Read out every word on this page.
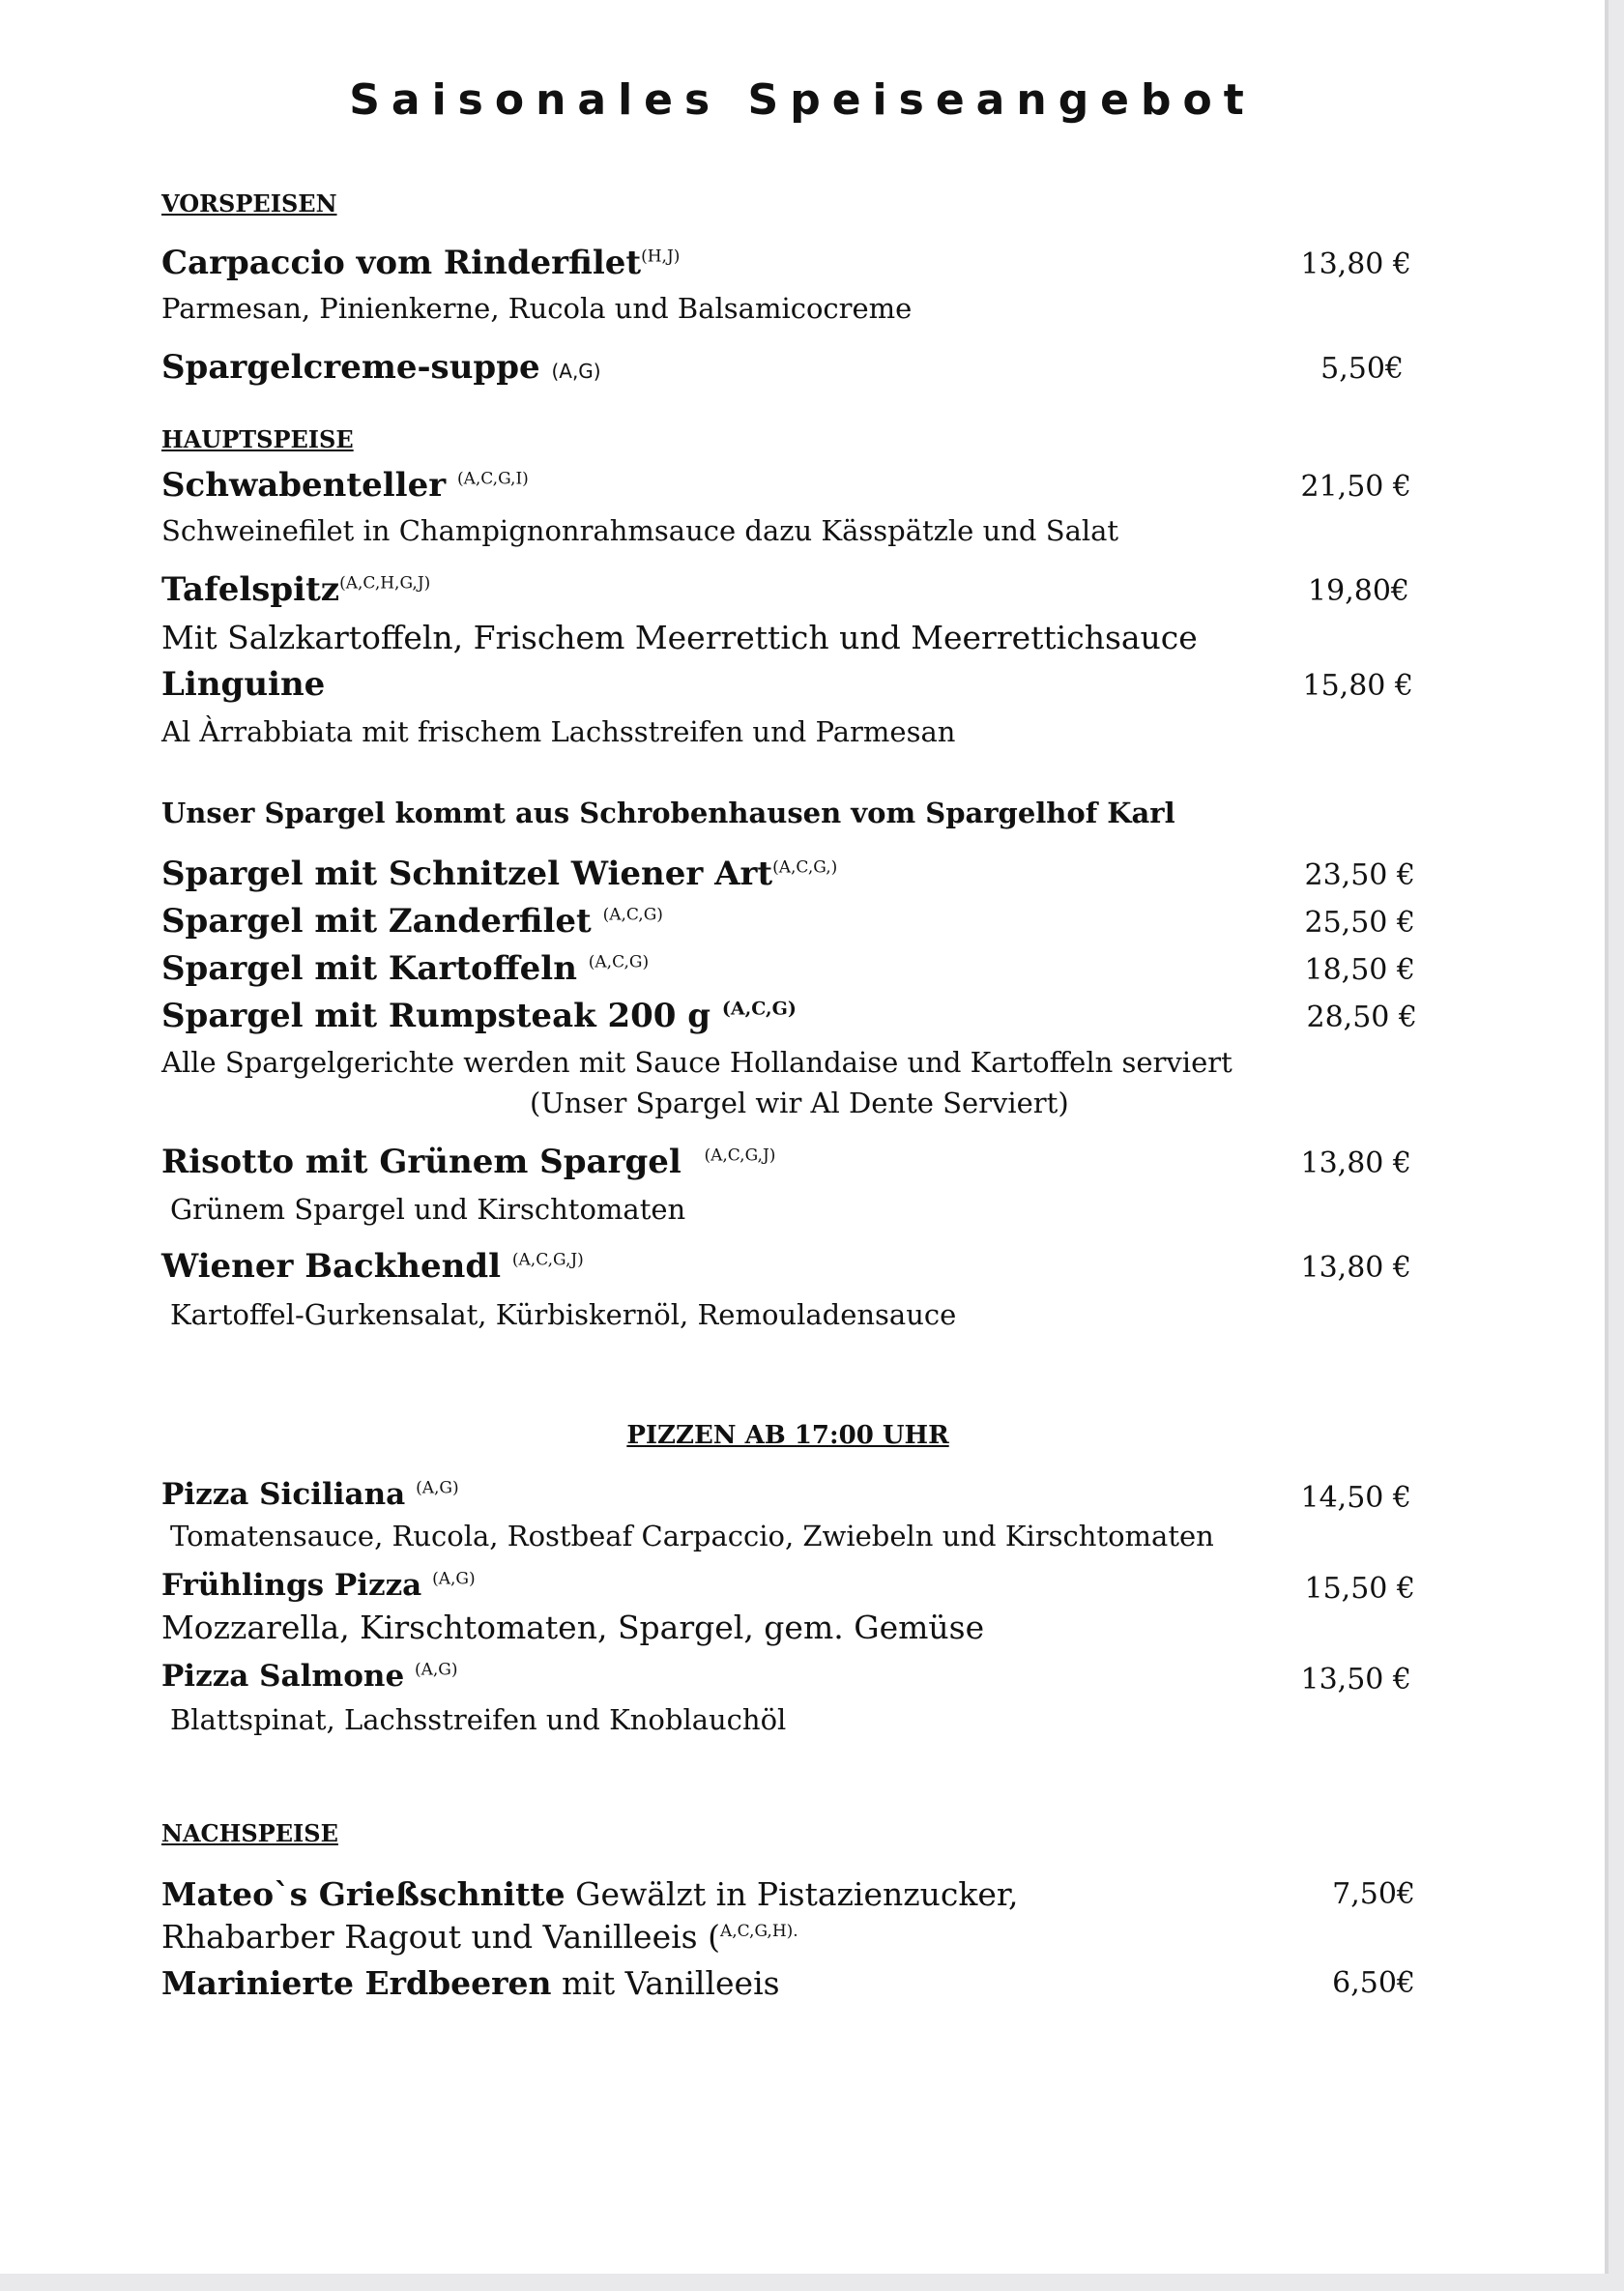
Saisonales Speiseangebot
VORSPEISEN
Carpaccio vom Rinderfilet$^{(H,J)}$	13,80 €
Parmesan, Pinienkerne, Rucola und Balsamicocreme
Spargelcreme-suppe (A,G)	5,50€
HAUPTSPEISE
Schwabenteller $^{(A,C,G,I)}$	21,50 €
Schweinefilet in Champignonrahmsauce dazu Kässpätzle und Salat
Tafelspitz$^{(A,C,H,G,J)}$	19,80€
Mit Salzkartoffeln, Frischem Meerrettich und Meerrettichsauce
Linguine	15,80 €
Al Àrrabbiata mit frischem Lachsstreifen und Parmesan
Unser Spargel kommt aus Schrobenhausen vom Spargelhof Karl
Spargel mit Schnitzel Wiener Art$^{(A,C,G,)}$	23,50 €
Spargel mit Zanderfilet $^{(A,C,G)}$	25,50 €
Spargel mit Kartoffeln $^{(A,C,G)}$	18,50 €
Spargel mit Rumpsteak 200 g $^{(A,C,G)}$	28,50 €
Alle Spargelgerichte werden mit Sauce Hollandaise und Kartoffeln serviert
(Unser Spargel wir Al Dente Serviert)
Risotto mit Grünem Spargel $^{(A,C,G,J)}$	13,80 €
Grünem Spargel und Kirschtomaten
Wiener Backhendl $^{(A,C,G,J)}$	13,80 €
Kartoffel-Gurkensalat, Kürbiskernöl, Remouladensauce
PIZZEN AB 17:00 UHR
Pizza Siciliana $^{(A,G)}$	14,50 €
Tomatensauce, Rucola, Rostbeaf Carpaccio, Zwiebeln und Kirschtomaten
Frühlings Pizza $^{(A,G)}$	15,50 €
Mozzarella, Kirschtomaten, Spargel, gem. Gemüse
Pizza Salmone $^{(A,G)}$	13,50 €
Blattspinat, Lachsstreifen und Knoblauchöl
NACHSPEISE
Mateo`s Grießschnitte Gewälzt in Pistazienzucker,	7,50€
Rhabarber Ragout und Vanilleeis ($^{A,C,G,H).}$
Marinierte Erdbeeren mit Vanilleeis	6,50€
